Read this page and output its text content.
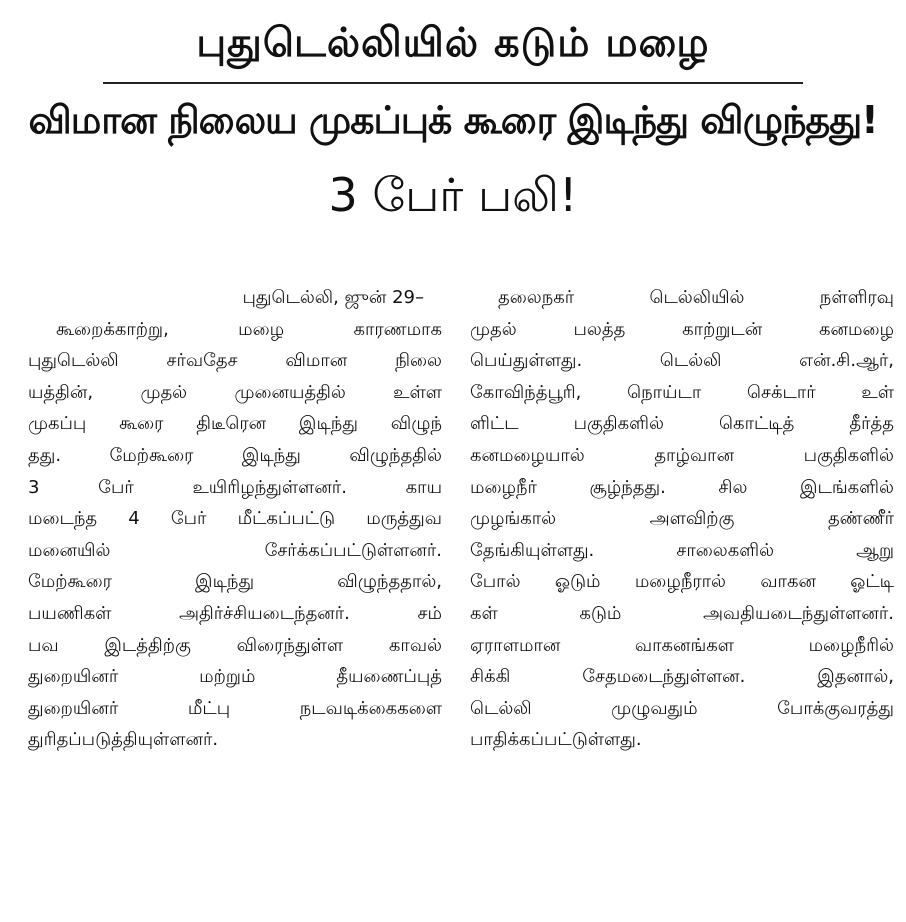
புதுடெல்லியில் கடும் மழை
விமான நிலைய முகப்புக் கூரை இடிந்து விழுந்தது!
3 பேர் பலி!
புதுடெல்லி, ஜுன் 29–
கூறைக்காற்று, மழை காரணமாக
புதுடெல்லி சர்வதேச விமான நிலை
யத்தின், முதல் முனையத்தில் உள்ள
முகப்பு கூரை திடீரென இடிந்து விழுந்
தது. மேற்கூரை இடிந்து விழுந்ததில்
3 பேர் உயிரிழந்துள்ளனர். காய
மடைந்த 4 பேர் மீட்கப்பட்டு மருத்துவ
மனையில் சேர்க்கப்பட்டுள்ளனர்.
மேற்கூரை இடிந்து விழுந்ததால்,
பயணிகள் அதிர்ச்சியடைந்தனர். சம்
பவ இடத்திற்கு விரைந்துள்ள காவல்
துறையினர் மற்றும் தீயணைப்புத்
துறையினர் மீட்பு நடவடிக்கைகளை
துரிதப்படுத்தியுள்ளனர்.
தலைநகர் டெல்லியில் நள்ளிரவு
முதல் பலத்த காற்றுடன் கனமழை
பெய்துள்ளது. டெல்லி என்.சி.ஆர்,
கோவிந்த்பூரி, நொய்டா செக்டார் உள்
ளிட்ட பகுதிகளில் கொட்டித் தீர்த்த
கனமழையால் தாழ்வான பகுதிகளில்
மழைநீர் சூழ்ந்தது. சில இடங்களில்
முழங்கால் அளவிற்கு தண்ணீர்
தேங்கியுள்ளது. சாலைகளில் ஆறு
போல் ஓடும் மழைநீரால் வாகன ஓட்டி
கள் கடும் அவதியடைந்துள்ளனர்.
ஏராளமான வாகனங்கள மழைநீரில்
சிக்கி சேதமடைந்துள்ளன. இதனால்,
டெல்லி முழுவதும் போக்குவரத்து
பாதிக்கப்பட்டுள்ளது.
